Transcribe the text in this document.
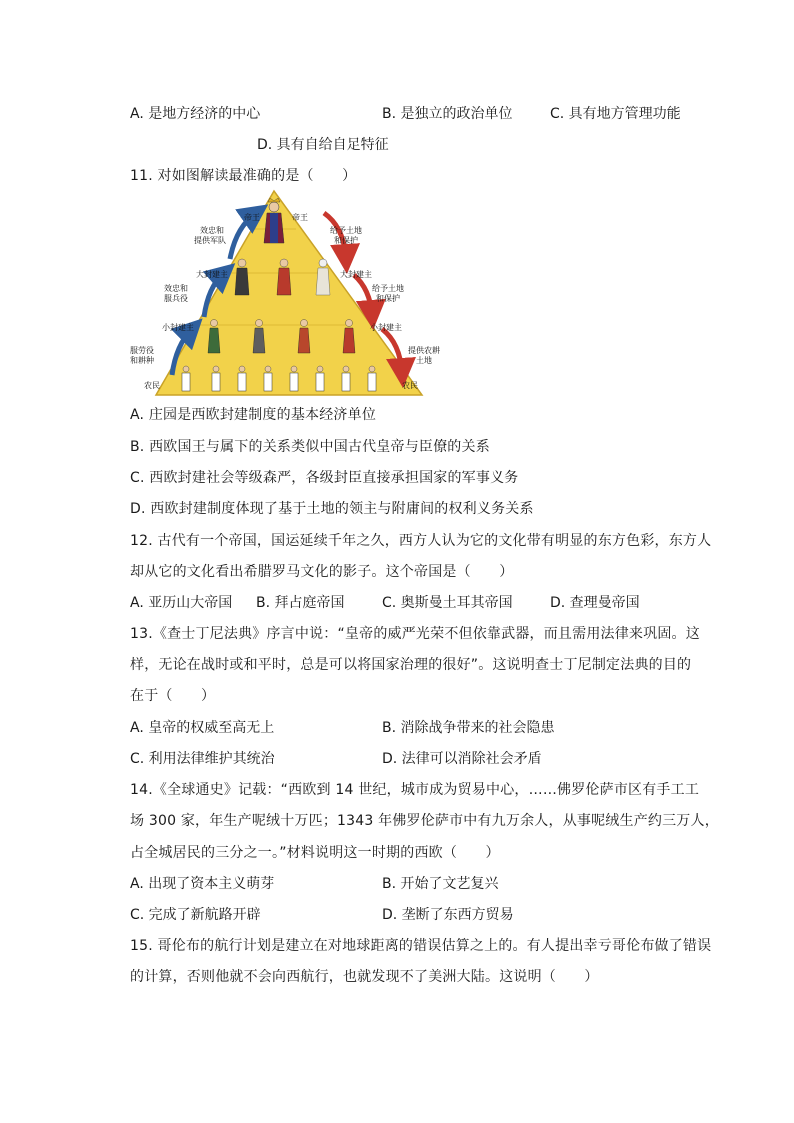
A. 是地方经济的中心	B. 是独立的政治单位	C. 具有地方管理功能
D. 具有自给自足特征
11. 对如图解读最准确的是（　　）
帝王	帝王
大封建主	大封建主
小封建主	小封建主
农民	农民
效忠和
提供军队
效忠和
服兵役
服劳役
和耕种
给予土地
和保护
给予土地
和保护
提供农耕
土地
A. 庄园是西欧封建制度的基本经济单位
B. 西欧国王与属下的关系类似中国古代皇帝与臣僚的关系
C. 西欧封建社会等级森严，各级封臣直接承担国家的军事义务
D. 西欧封建制度体现了基于土地的领主与附庸间的权利义务关系
12. 古代有一个帝国，国运延续千年之久，西方人认为它的文化带有明显的东方色彩，东方人
却从它的文化看出希腊罗马文化的影子。这个帝国是（　　）
A. 亚历山大帝国 B. 拜占庭帝国	C. 奥斯曼土耳其帝国	D. 查理曼帝国
13.《查士丁尼法典》序言中说：“皇帝的威严光荣不但依靠武器，而且需用法律来巩固。这
样，无论在战时或和平时，总是可以将国家治理的很好”。这说明查士丁尼制定法典的目的
在于（　　）
A. 皇帝的权威至高无上	B. 消除战争带来的社会隐患
C. 利用法律维护其统治	D. 法律可以消除社会矛盾
14.《全球通史》记载：“西欧到 14 世纪，城市成为贸易中心，……佛罗伦萨市区有手工工
场 300 家，年生产呢绒十万匹；1343 年佛罗伦萨市中有九万余人，从事呢绒生产约三万人，
占全城居民的三分之一。”材料说明这一时期的西欧（　　）
A. 出现了资本主义萌芽	B. 开始了文艺复兴
C. 完成了新航路开辟	D. 垄断了东西方贸易
15. 哥伦布的航行计划是建立在对地球距离的错误估算之上的。有人提出幸亏哥伦布做了错误
的计算，否则他就不会向西航行，也就发现不了美洲大陆。这说明（　　）
